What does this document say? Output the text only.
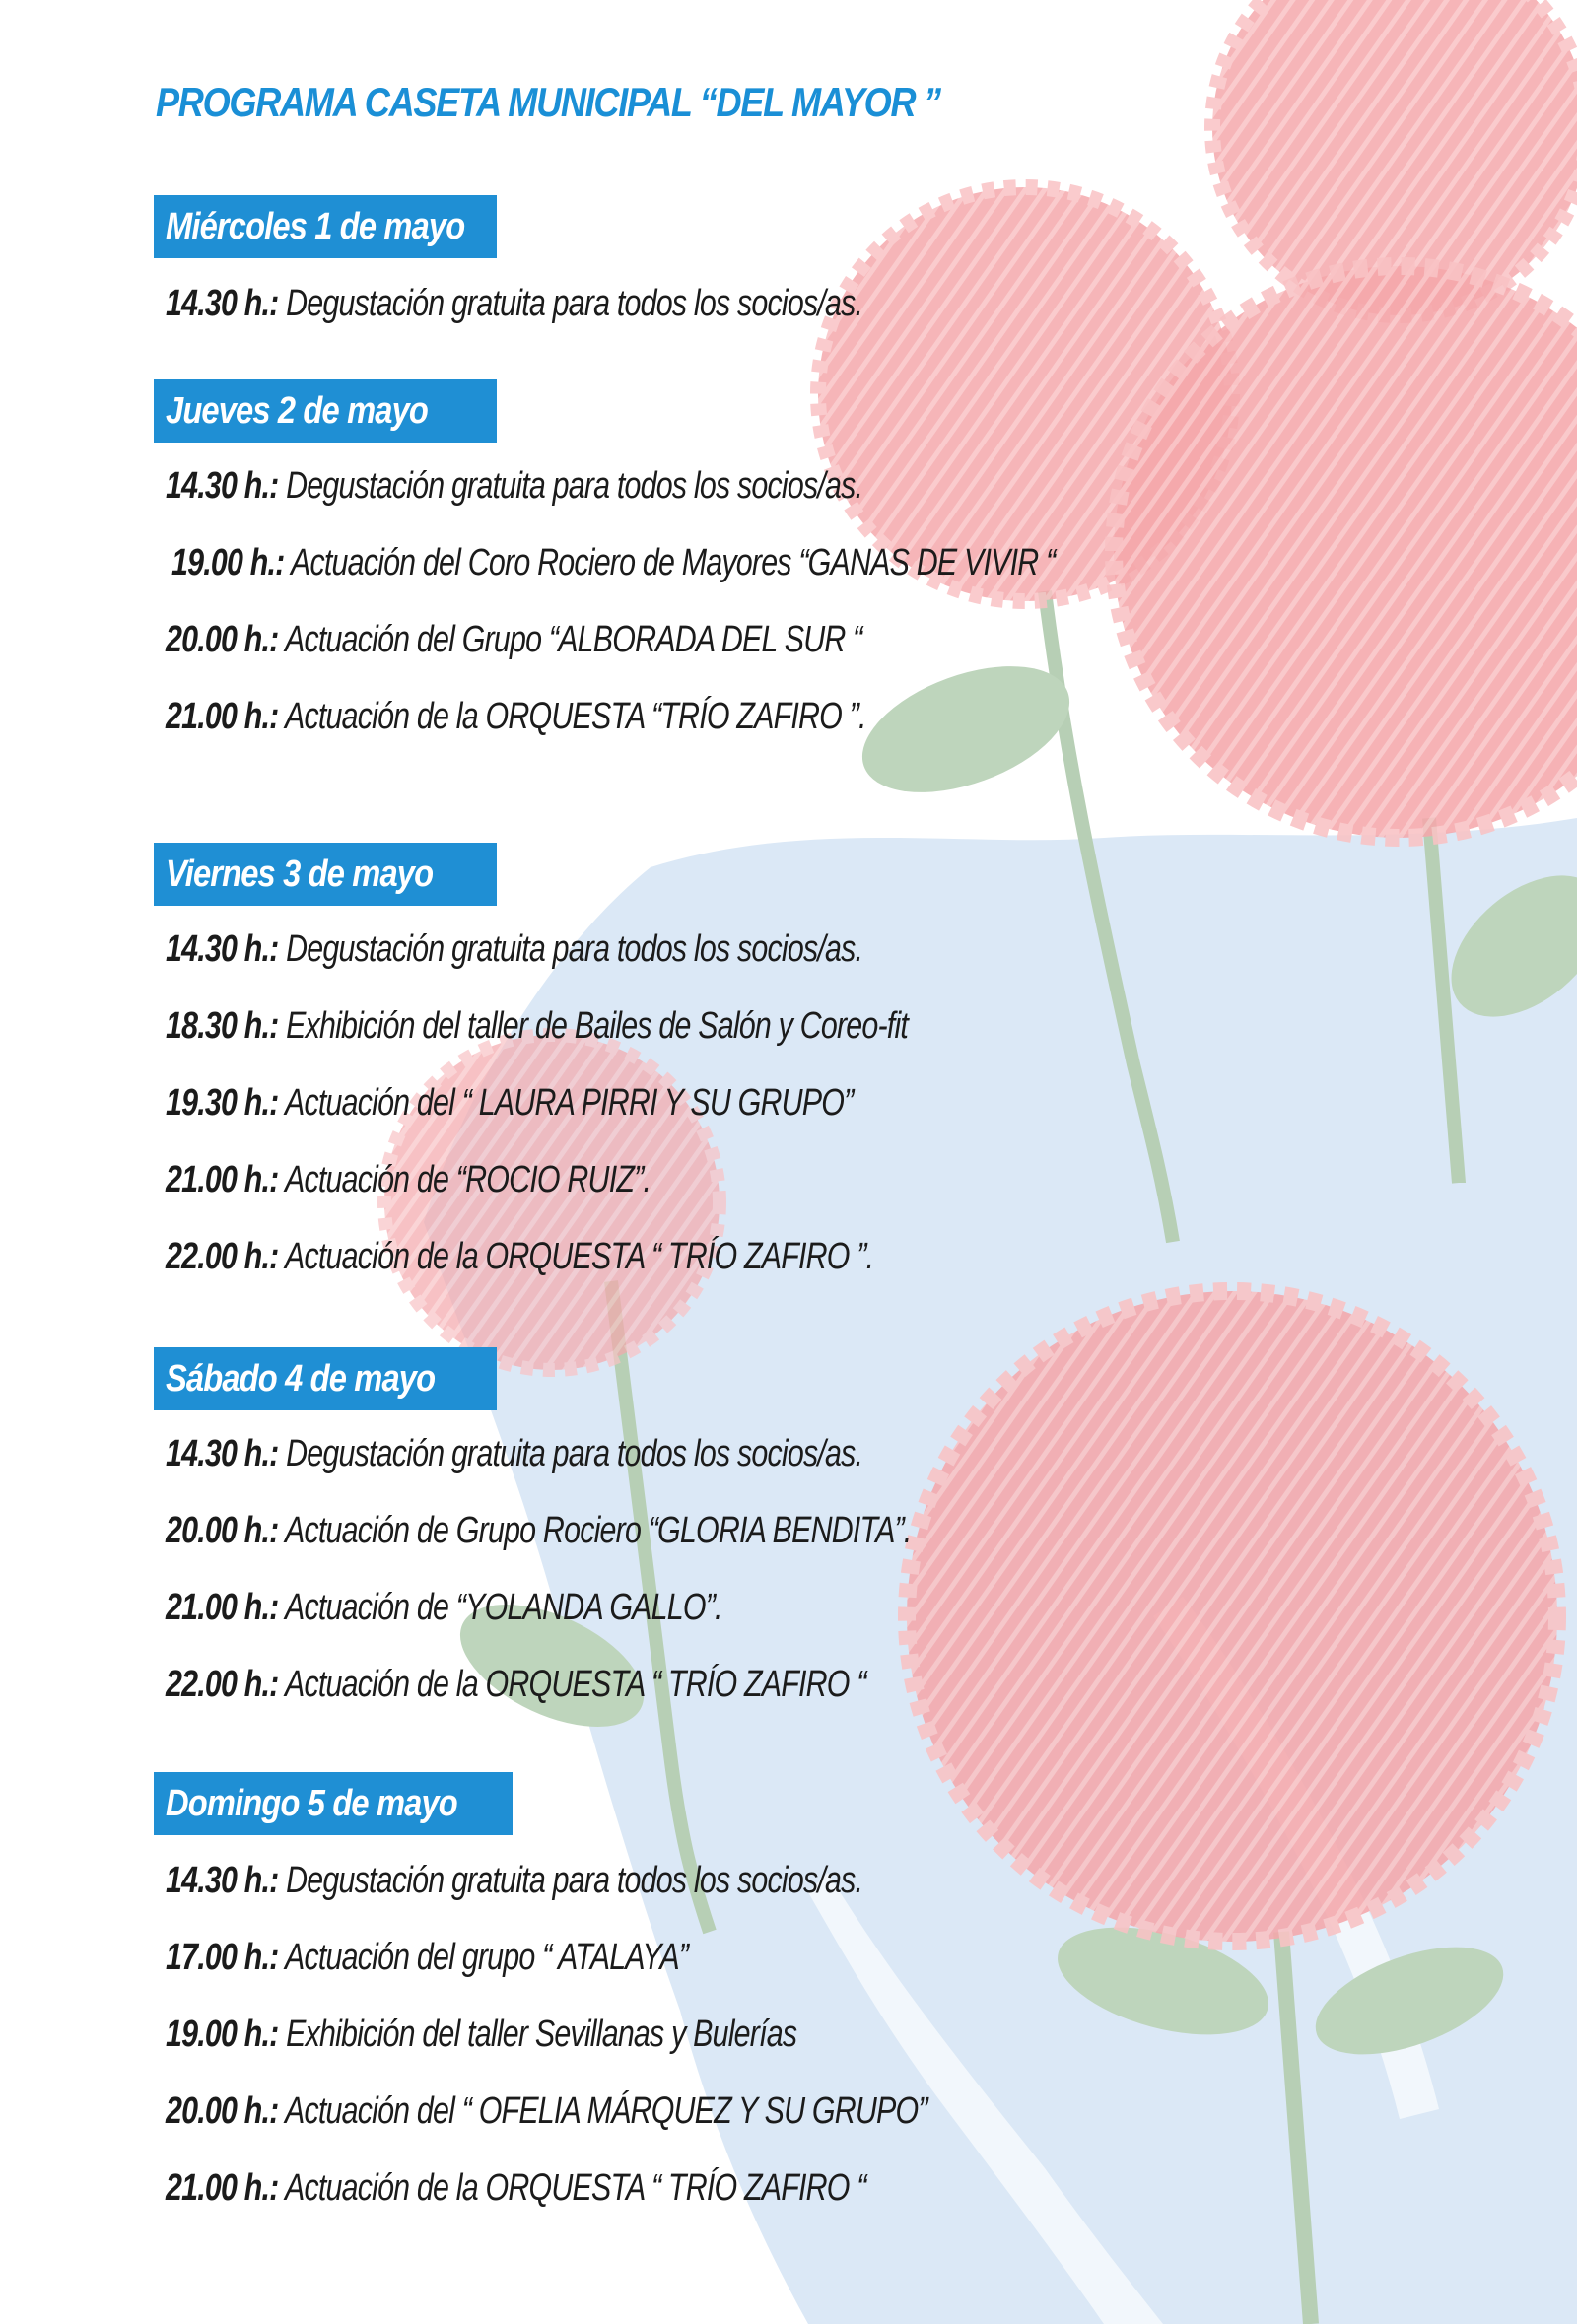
PROGRAMA CASETA MUNICIPAL “DEL MAYOR ”
Miércoles 1 de mayo
14.30 h.: Degustación gratuita para todos los socios/as.
Jueves 2 de mayo
14.30 h.: Degustación gratuita para todos los socios/as.
19.00 h.: Actuación del Coro Rociero de Mayores “GANAS DE VIVIR “
20.00 h.: Actuación del Grupo “ALBORADA DEL SUR “
21.00 h.: Actuación de la ORQUESTA “TRÍO ZAFIRO ”.
Viernes 3 de mayo
14.30 h.: Degustación gratuita para todos los socios/as.
18.30 h.: Exhibición del taller de Bailes de Salón y Coreo-fit
19.30 h.: Actuación del “ LAURA PIRRI Y SU GRUPO”
21.00 h.: Actuación de “ROCIO RUIZ”.
22.00 h.: Actuación de la ORQUESTA “ TRÍO ZAFIRO ”.
Sábado 4 de mayo
14.30 h.: Degustación gratuita para todos los socios/as.
20.00 h.: Actuación de Grupo Rociero “GLORIA BENDITA”.
21.00 h.: Actuación de “YOLANDA GALLO”.
22.00 h.: Actuación de la ORQUESTA “ TRÍO ZAFIRO “
Domingo 5 de mayo
14.30 h.: Degustación gratuita para todos los socios/as.
17.00 h.: Actuación del grupo “ ATALAYA”
19.00 h.: Exhibición del taller Sevillanas y Bulerías
20.00 h.: Actuación del “ OFELIA MÁRQUEZ Y SU GRUPO”
21.00 h.: Actuación de la ORQUESTA “ TRÍO ZAFIRO “
